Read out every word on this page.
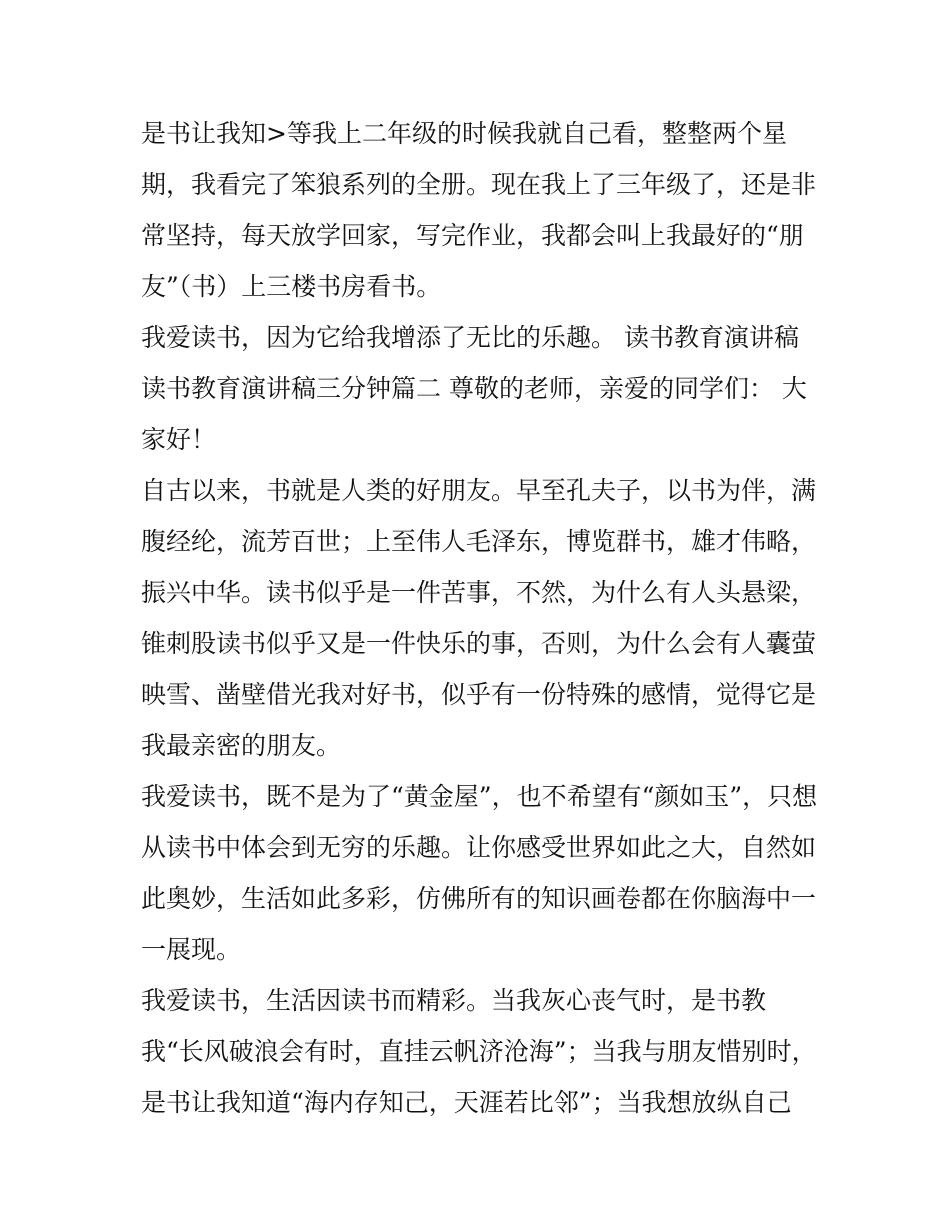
是书让我知>等我上二年级的时候我就自己看，整整两个星
期，我看完了笨狼系列的全册。现在我上了三年级了，还是非
常坚持，每天放学回家，写完作业，我都会叫上我最好的“朋
友”（书）上三楼书房看书。
我爱读书，因为它给我增添了无比的乐趣。 读书教育演讲稿
读书教育演讲稿三分钟篇二 尊敬的老师，亲爱的同学们： 大
家好！
自古以来，书就是人类的好朋友。早至孔夫子，以书为伴，满
腹经纶，流芳百世；上至伟人毛泽东，博览群书，雄才伟略，
振兴中华。读书似乎是一件苦事，不然，为什么有人头悬梁，
锥刺股读书似乎又是一件快乐的事，否则，为什么会有人囊萤
映雪、凿壁借光我对好书，似乎有一份特殊的感情，觉得它是
我最亲密的朋友。
我爱读书，既不是为了“黄金屋”，也不希望有“颜如玉”，只想
从读书中体会到无穷的乐趣。让你感受世界如此之大，自然如
此奥妙，生活如此多彩，仿佛所有的知识画卷都在你脑海中一
一展现。
我爱读书，生活因读书而精彩。当我灰心丧气时，是书教
我“长风破浪会有时，直挂云帆济沧海”；当我与朋友惜别时，
是书让我知道“海内存知己，天涯若比邻”；当我想放纵自己
